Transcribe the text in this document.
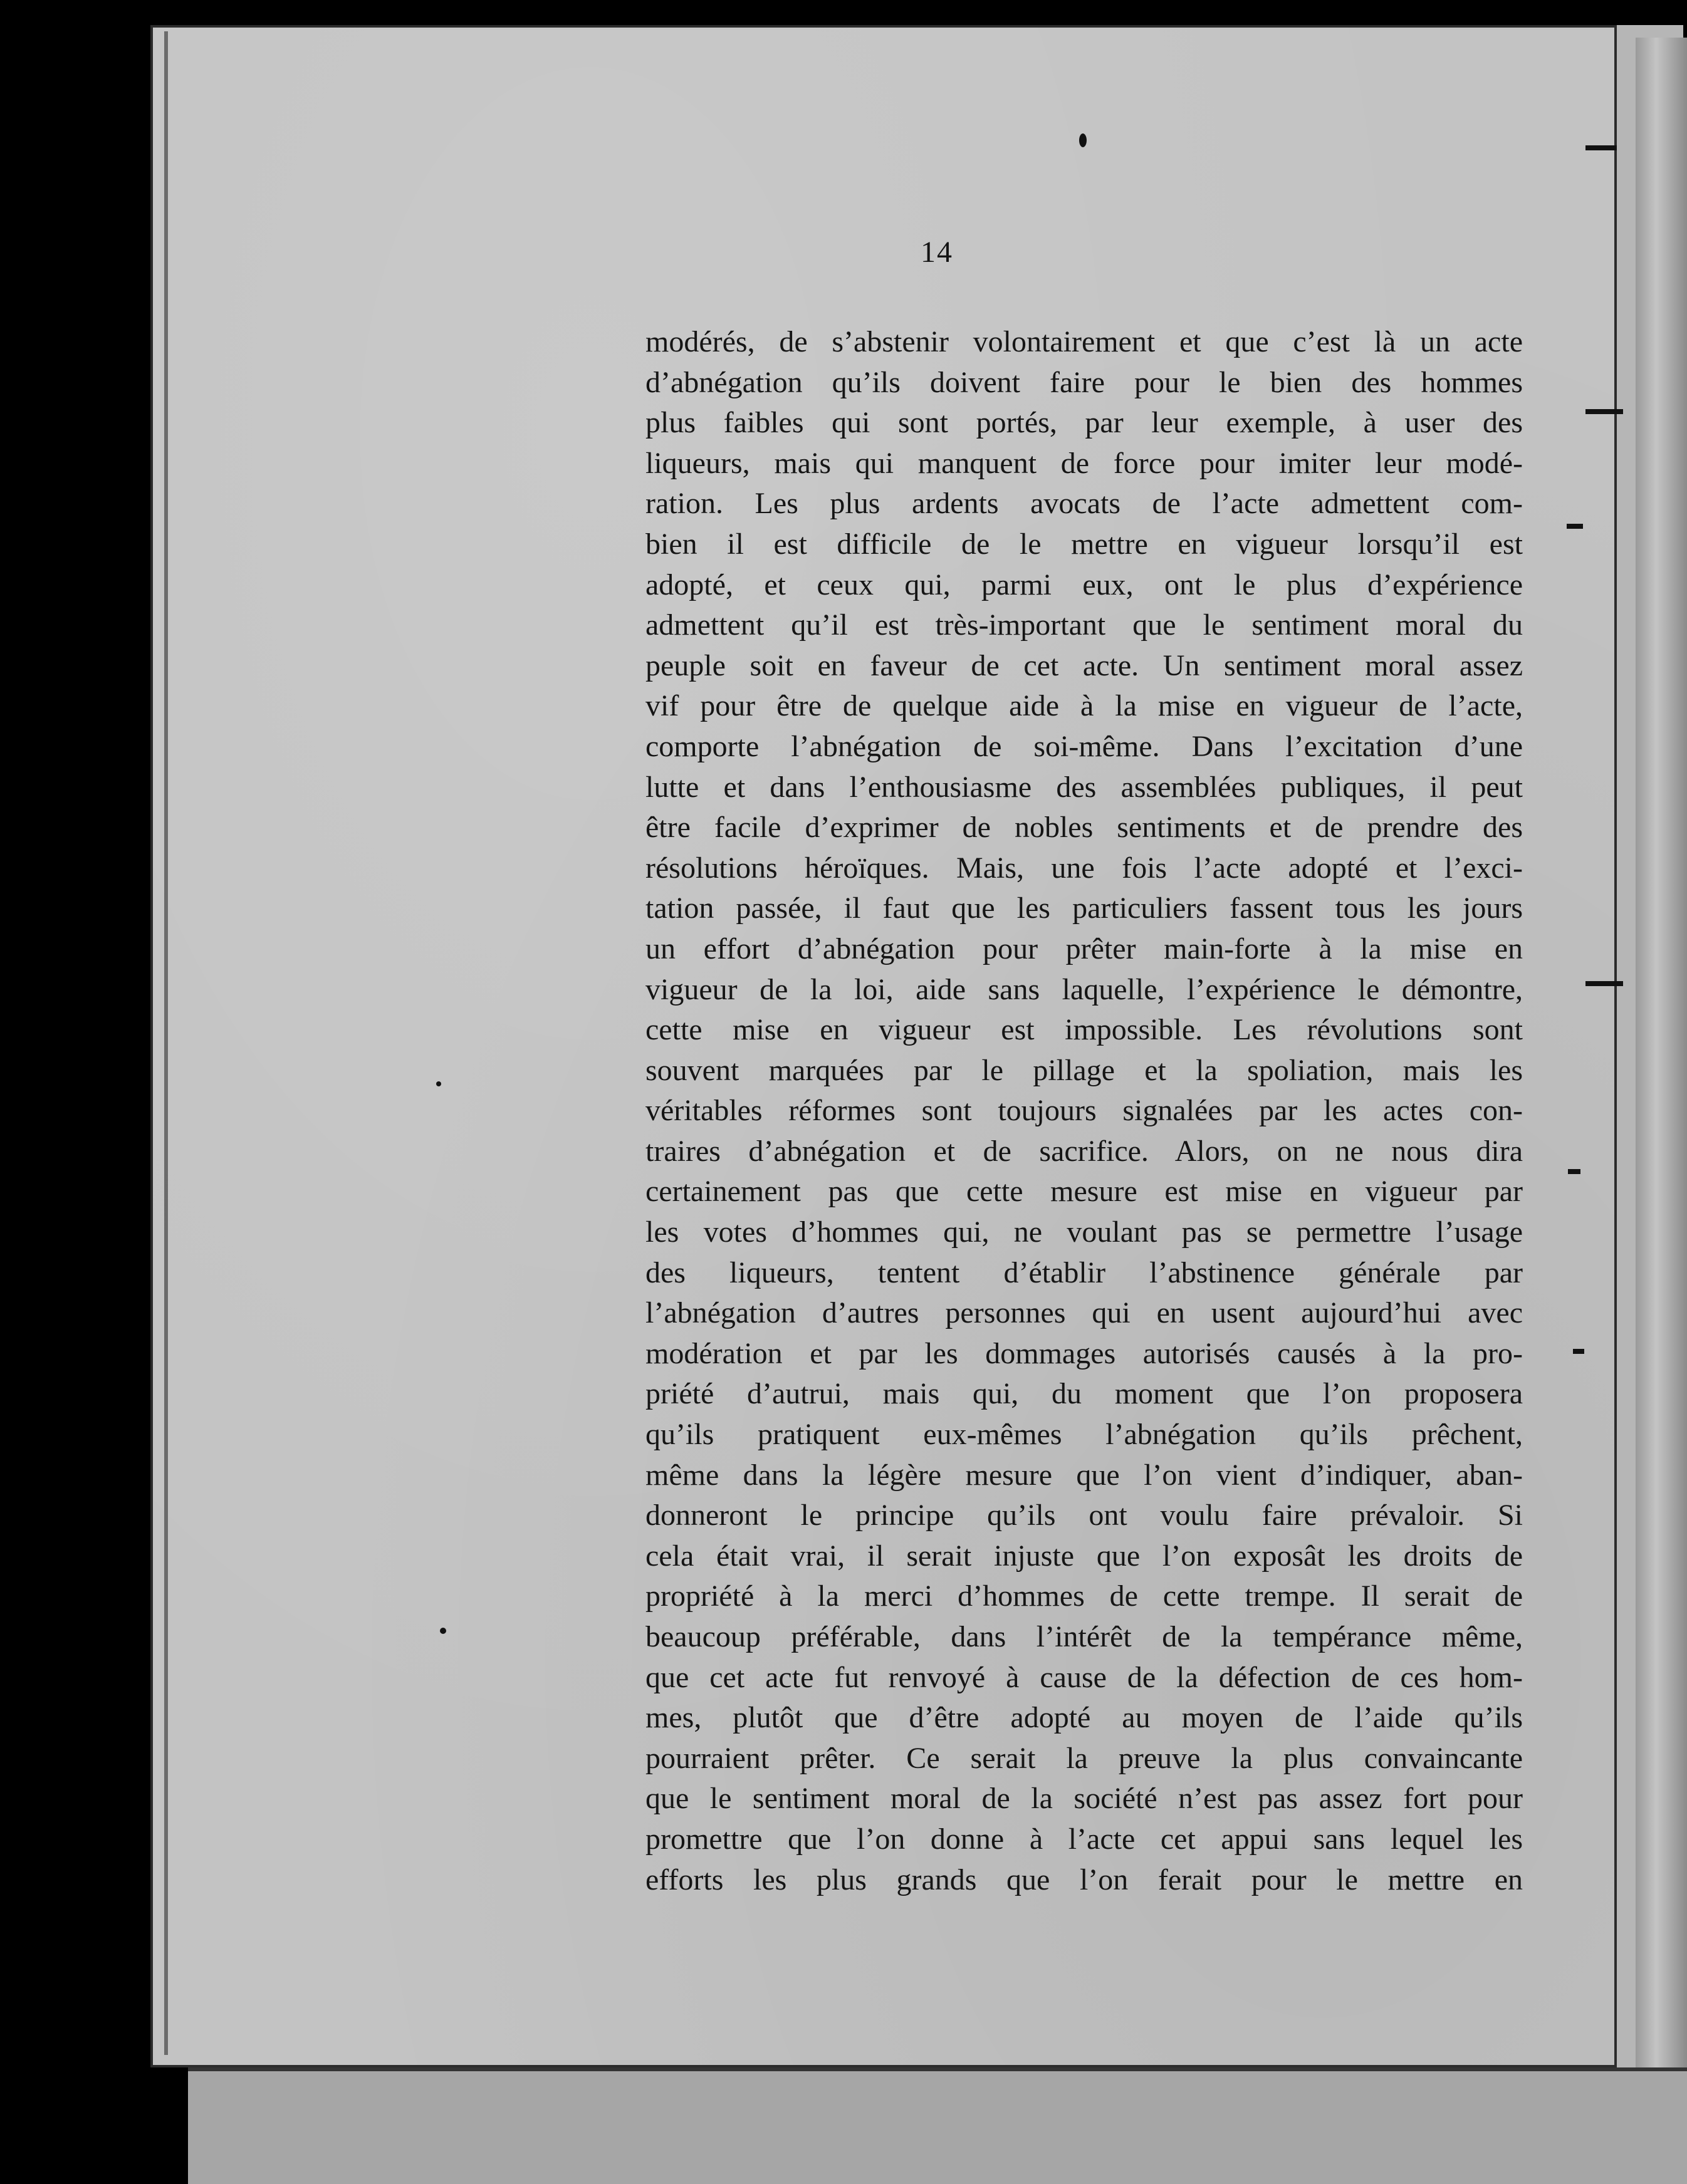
14
modérés, de s’abstenir volontairement et que c’est là un acte
d’abnégation qu’ils doivent faire pour le bien des hommes
plus faibles qui sont portés, par leur exemple, à user des
liqueurs, mais qui manquent de force pour imiter leur modé-
ration. Les plus ardents avocats de l’acte admettent com-
bien il est difficile de le mettre en vigueur lorsqu’il est
adopté, et ceux qui, parmi eux, ont le plus d’expérience
admettent qu’il est très-important que le sentiment moral du
peuple soit en faveur de cet acte. Un sentiment moral assez
vif pour être de quelque aide à la mise en vigueur de l’acte,
comporte l’abnégation de soi-même. Dans l’excitation d’une
lutte et dans l’enthousiasme des assemblées publiques, il peut
être facile d’exprimer de nobles sentiments et de prendre des
résolutions héroïques. Mais, une fois l’acte adopté et l’exci-
tation passée, il faut que les particuliers fassent tous les jours
un effort d’abnégation pour prêter main-forte à la mise en
vigueur de la loi, aide sans laquelle, l’expérience le démontre,
cette mise en vigueur est impossible. Les révolutions sont
souvent marquées par le pillage et la spoliation, mais les
véritables réformes sont toujours signalées par les actes con-
traires d’abnégation et de sacrifice. Alors, on ne nous dira
certainement pas que cette mesure est mise en vigueur par
les votes d’hommes qui, ne voulant pas se permettre l’usage
des liqueurs, tentent d’établir l’abstinence générale par
l’abnégation d’autres personnes qui en usent aujourd’hui avec
modération et par les dommages autorisés causés à la pro-
priété d’autrui, mais qui, du moment que l’on proposera
qu’ils pratiquent eux-mêmes l’abnégation qu’ils prêchent,
même dans la légère mesure que l’on vient d’indiquer, aban-
donneront le principe qu’ils ont voulu faire prévaloir. Si
cela était vrai, il serait injuste que l’on exposât les droits de
propriété à la merci d’hommes de cette trempe. Il serait de
beaucoup préférable, dans l’intérêt de la tempérance même,
que cet acte fut renvoyé à cause de la défection de ces hom-
mes, plutôt que d’être adopté au moyen de l’aide qu’ils
pourraient prêter. Ce serait la preuve la plus convaincante
que le sentiment moral de la société n’est pas assez fort pour
promettre que l’on donne à l’acte cet appui sans lequel les
efforts les plus grands que l’on ferait pour le mettre en
